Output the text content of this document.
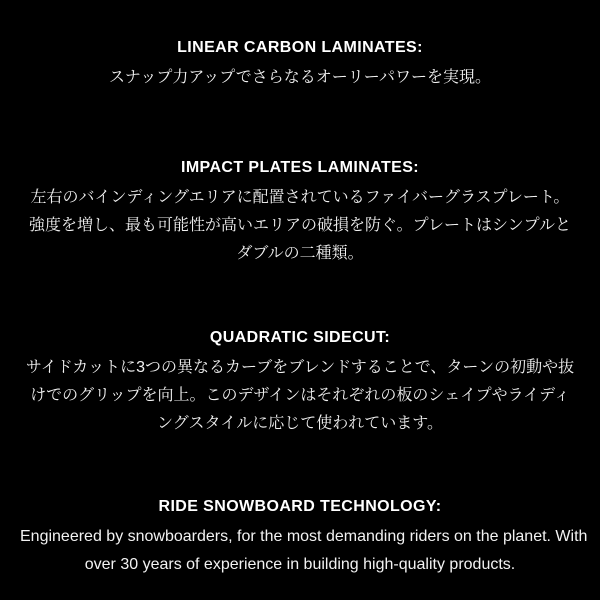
LINEAR CARBON LAMINATES:

スナップ力アップでさらなるオーリーパワーを実現。

IMPACT PLATES LAMINATES:

左右のバインディングエリアに配置されているファイバーグラスプレート。

強度を増し、最も可能性が高いエリアの破損を防ぐ。プレートはシンプルと

ダブルの二種類。

QUADRATIC SIDECUT:

サイドカットに3つの異なるカーブをブレンドすることで、ターンの初動や抜

けでのグリップを向上。このデザインはそれぞれの板のシェイプやライディ

ングスタイルに応じて使われています。

RIDE SNOWBOARD TECHNOLOGY:

Engineered by snowboarders, for the most demanding riders on the planet. With

over 30 years of experience in building high-quality products.
